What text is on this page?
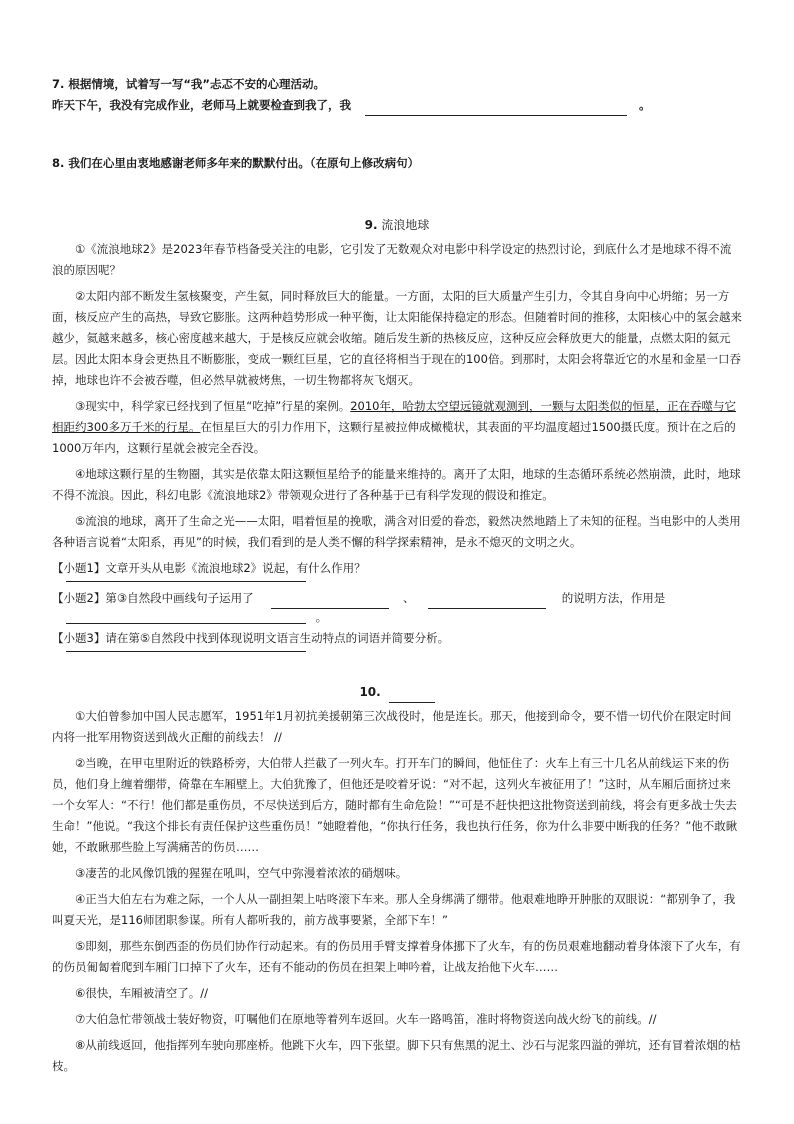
7. 根据情境，试着写一写“我”忐忑不安的心理活动。
昨天下午，我没有完成作业，老师马上就要检查到我了，我	。
8. 我们在心里由衷地感谢老师多年来的默默付出。（在原句上修改病句）
9. 流浪地球

①《流浪地球2》是2023年春节档备受关注的电影，它引发了无数观众对电影中科学设定的热烈讨论，到底什么才是地球不得不流浪的原因呢？

②太阳内部不断发生氢核聚变，产生氦，同时释放巨大的能量。一方面，太阳的巨大质量产生引力，令其自身向中心坍缩；另一方面，核反应产生的高热，导致它膨胀。这两种趋势形成一种平衡，让太阳能保持稳定的形态。但随着时间的推移，太阳核心中的氢会越来越少，氦越来越多，核心密度越来越大，于是核反应就会收缩。随后发生新的热核反应，这种反应会释放更大的能量，点燃太阳的氦元层。因此太阳本身会更热且不断膨胀，变成一颗红巨星，它的直径将相当于现在的100倍。到那时，太阳会将靠近它的水星和金星一口吞掉，地球也许不会被吞噬，但必然早就被烤焦，一切生物都将灰飞烟灭。

③现实中，科学家已经找到了恒星“吃掉”行星的案例。2010年，哈勃太空望远镜就观测到，一颗与太阳类似的恒星，正在吞噬与它相距约300多万千米的行星。在恒星巨大的引力作用下，这颗行星被拉伸成橄榄状，其表面的平均温度超过1500摄氏度。预计在之后的1000万年内，这颗行星就会被完全吞没。

④地球这颗行星的生物圈，其实是依靠太阳这颗恒星给予的能量来维持的。离开了太阳，地球的生态循环系统必然崩溃，此时，地球不得不流浪。因此，科幻电影《流浪地球2》带领观众进行了各种基于已有科学发现的假设和推定。

⑤流浪的地球，离开了生命之光——太阳，唱着恒星的挽歌，满含对旧爱的眷恋，毅然决然地踏上了未知的征程。当电影中的人类用各种语言说着“太阳系，再见”的时候，我们看到的是人类不懈的科学探索精神，是永不熄灭的文明之火。

【小题1】文章开头从电影《流浪地球2》说起，有什么作用？
【小题2】第③自然段中画线句子运用了	、	的说明方法，作用是
。
【小题3】请在第⑤自然段中找到体现说明文语言生动特点的词语并简要分析。
10.

①大伯曾参加中国人民志愿军，1951年1月初抗美援朝第三次战役时，他是连长。那天，他接到命令，要不惜一切代价在限定时间内将一批军用物资送到战火正酣的前线去！ //

②当晚，在甲屯里附近的铁路桥旁，大伯带人拦截了一列火车。打开车门的瞬间，他怔住了：火车上有三十几名从前线运下来的伤员，他们身上缠着绷带，倚靠在车厢壁上。大伯犹豫了，但他还是咬着牙说：“对不起，这列火车被征用了！”这时，从车厢后面挤过来一个女军人：“不行！他们都是重伤员，不尽快送到后方，随时都有生命危险！”“可是不赶快把这批物资送到前线，将会有更多战士失去生命！”他说。“我这个排长有责任保护这些重伤员！”她瞪着他，“你执行任务，我也执行任务，你为什么非要中断我的任务？”他不敢瞅她，不敢瞅那些脸上写满痛苦的伤员……

③凄苦的北风像饥饿的猩猩在吼叫，空气中弥漫着浓浓的硝烟味。

④正当大伯左右为难之际，一个人从一副担架上咕咚滚下车来。那人全身绑满了绷带。他艰难地睁开肿胀的双眼说：“都别争了，我叫夏天光，是116师团职参谋。所有人都听我的，前方战事要紧，全部下车！”

⑤即刻，那些东倒西歪的伤员们协作行动起来。有的伤员用手臂支撑着身体挪下了火车，有的伤员艰难地翻动着身体滚下了火车，有的伤员匍匐着爬到车厢门口掉下了火车，还有不能动的伤员在担架上呻吟着，让战友抬他下火车……

⑥很快，车厢被清空了。//

⑦大伯急忙带领战士装好物资，叮嘱他们在原地等着列车返回。火车一路鸣笛，准时将物资送向战火纷飞的前线。//

⑧从前线返回，他指挥列车驶向那座桥。他跳下火车，四下张望。脚下只有焦黑的泥土、沙石与泥浆四溢的弹坑，还有冒着浓烟的枯枝。
